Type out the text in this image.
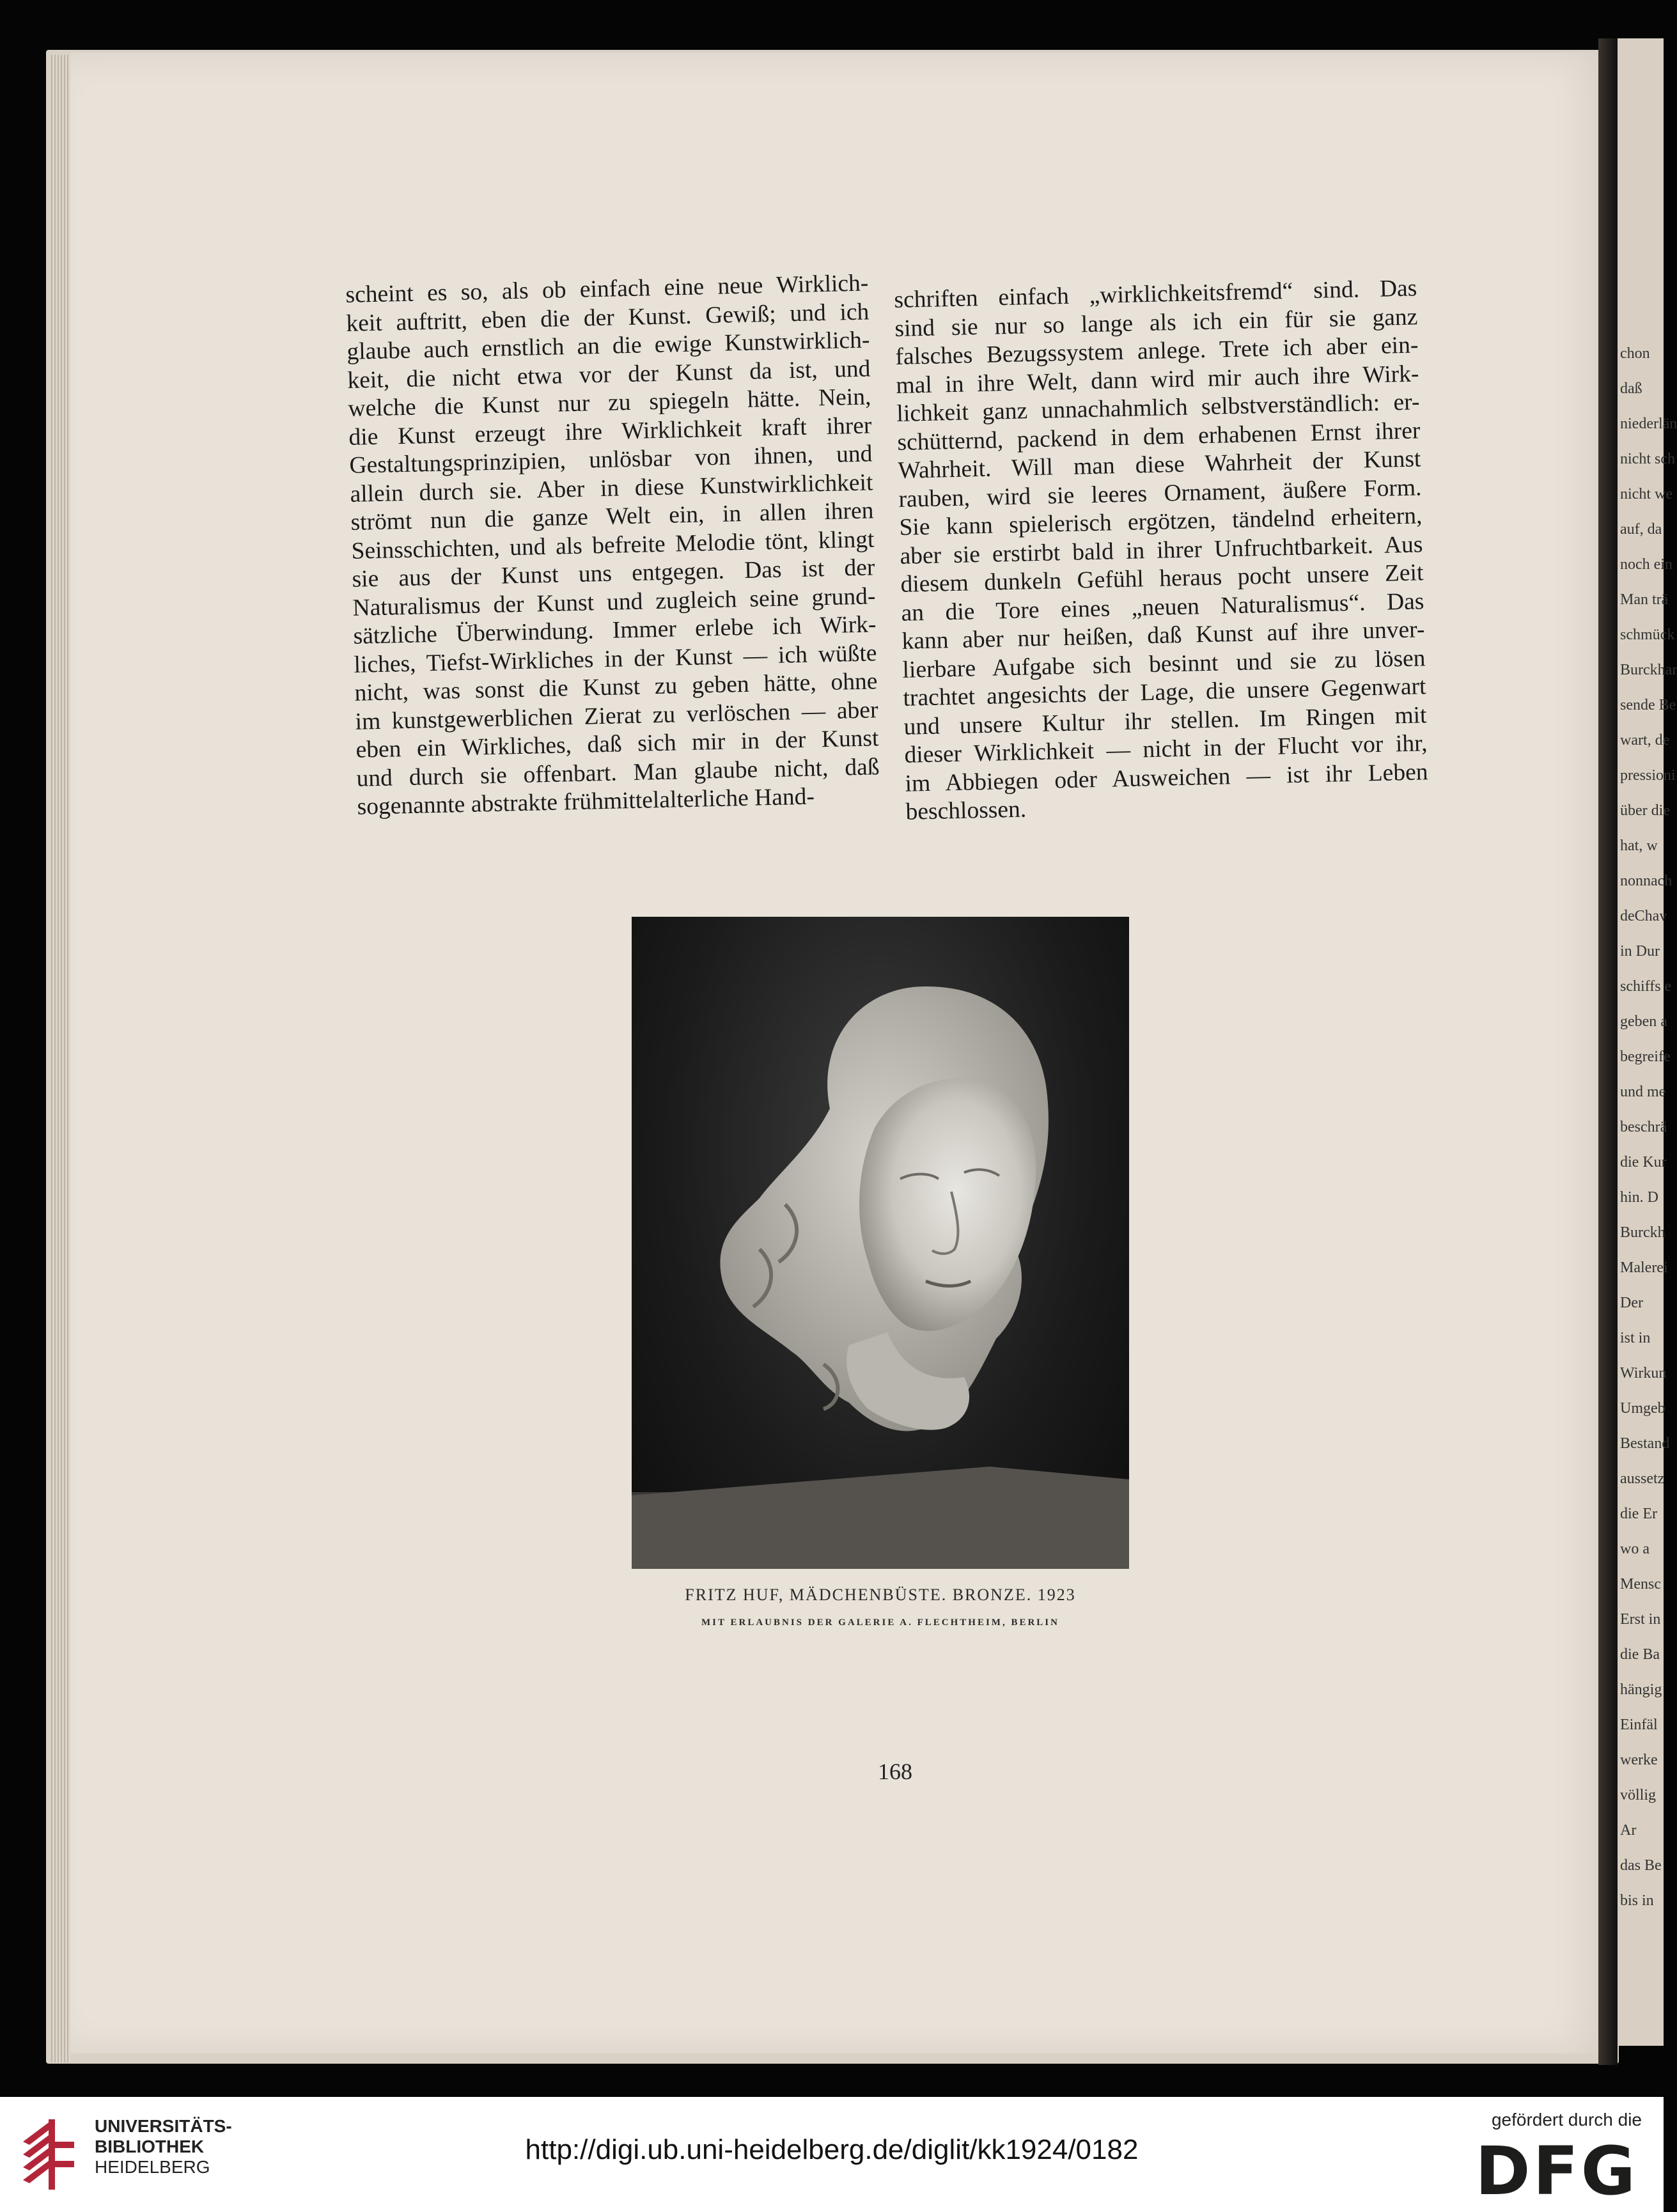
chon
daß
niederlän
nicht sch
nicht we
auf, da
noch ein
Man trä
schmück
Burckhar
sende Be
wart, de
pressioni
über die
hat, w
nonnach
deChav
in Dur
schiffs e
geben a
begreife
und me
beschrä
die Kur
hin. D
Burckh
Malerei
Der
ist in
Wirkun
Umgeb
Bestand
aussetz
die Er
wo a
Mensc
Erst in
die Ba
hängig
Einfäl
werke
völlig
Ar
das Be
bis in
scheint es so, als ob einfach eine neue Wirklich-
keit auftritt, eben die der Kunst. Gewiß; und ich
glaube auch ernstlich an die ewige Kunstwirklich-
keit, die nicht etwa vor der Kunst da ist, und
welche die Kunst nur zu spiegeln hätte. Nein,
die Kunst erzeugt ihre Wirklichkeit kraft ihrer
Gestaltungsprinzipien, unlösbar von ihnen, und
allein durch sie. Aber in diese Kunstwirklichkeit
strömt nun die ganze Welt ein, in allen ihren
Seinsschichten, und als befreite Melodie tönt, klingt
sie aus der Kunst uns entgegen. Das ist der
Naturalismus der Kunst und zugleich seine grund-
sätzliche Überwindung. Immer erlebe ich Wirk-
liches, Tiefst-Wirkliches in der Kunst — ich wüßte
nicht, was sonst die Kunst zu geben hätte, ohne
im kunstgewerblichen Zierat zu verlöschen — aber
eben ein Wirkliches, daß sich mir in der Kunst
und durch sie offenbart. Man glaube nicht, daß
sogenannte abstrakte frühmittelalterliche Hand-
schriften einfach „wirklichkeitsfremd“ sind. Das
sind sie nur so lange als ich ein für sie ganz
falsches Bezugssystem anlege. Trete ich aber ein-
mal in ihre Welt, dann wird mir auch ihre Wirk-
lichkeit ganz unnachahmlich selbstverständlich: er-
schütternd, packend in dem erhabenen Ernst ihrer
Wahrheit. Will man diese Wahrheit der Kunst
rauben, wird sie leeres Ornament, äußere Form.
Sie kann spielerisch ergötzen, tändelnd erheitern,
aber sie erstirbt bald in ihrer Unfruchtbarkeit. Aus
diesem dunkeln Gefühl heraus pocht unsere Zeit
an die Tore eines „neuen Naturalismus“. Das
kann aber nur heißen, daß Kunst auf ihre unver-
lierbare Aufgabe sich besinnt und sie zu lösen
trachtet angesichts der Lage, die unsere Gegenwart
und unsere Kultur ihr stellen. Im Ringen mit
dieser Wirklichkeit — nicht in der Flucht vor ihr,
im Abbiegen oder Ausweichen — ist ihr Leben
beschlossen.
FRITZ HUF, MÄDCHENBÜSTE. BRONZE. 1923
MIT ERLAUBNIS DER GALERIE A. FLECHTHEIM, BERLIN
168
UNIVERSITÄTS-
BIBLIOTHEK
HEIDELBERG
http://digi.ub.uni-heidelberg.de/diglit/kk1924/0182
gefördert durch die
DFG
